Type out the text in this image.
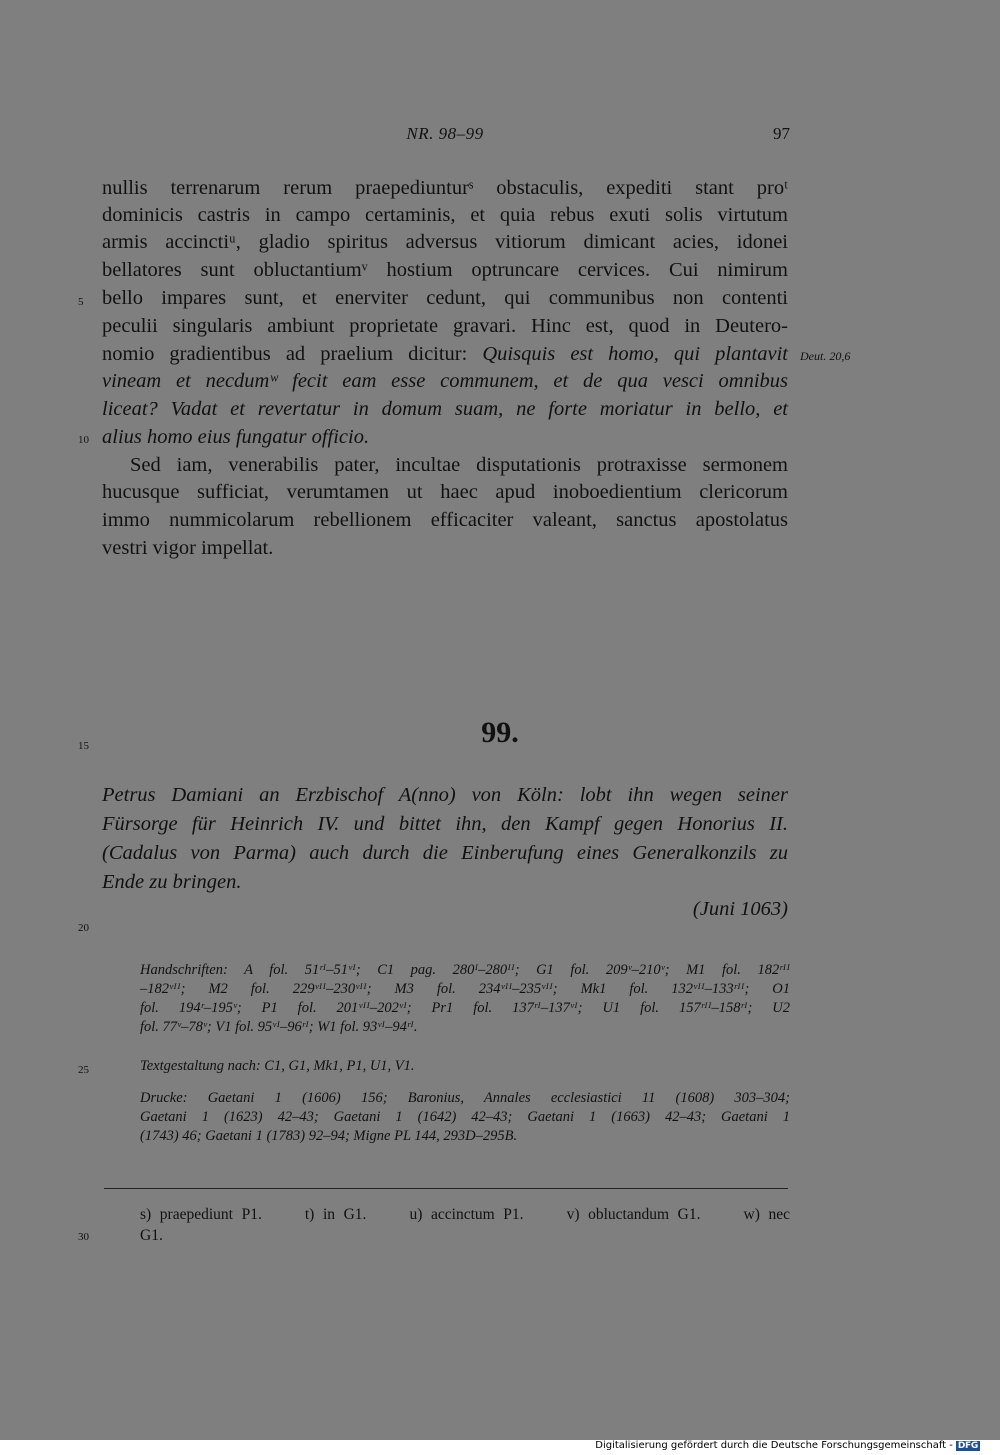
NR. 98–99	97
nullis terrenarum rerum praepediunturˢ obstaculis, expediti stant proᵗ
dominicis castris in campo certaminis, et quia rebus exuti solis virtutum
armis accinctiᵘ, gladio spiritus adversus vitiorum dimicant acies, idonei
bellatores sunt obluctantiumᵛ hostium optruncare cervices. Cui nimirum
bello impares sunt, et enerviter cedunt, qui communibus non contenti
peculii singularis ambiunt proprietate gravari. Hinc est, quod in Deutero-
nomio gradientibus ad praelium dicitur: Quisquis est homo, qui plantavit
vineam et necdumʷ fecit eam esse communem, et de qua vesci omnibus
liceat? Vadat et revertatur in domum suam, ne forte moriatur in bello, et
alius homo eius fungatur officio.
Sed iam, venerabilis pater, incultae disputationis protraxisse sermonem
hucusque sufficiat, verumtamen ut haec apud inoboedientium clericorum
immo nummicolarum rebellionem efficaciter valeant, sanctus apostolatus
vestri vigor impellat.
Deut. 20,6
5
10
15
20
25
30
99.
Petrus Damiani an Erzbischof A(nno) von Köln: lobt ihn wegen seiner
Fürsorge für Heinrich IV. und bittet ihn, den Kampf gegen Honorius II.
(Cadalus von Parma) auch durch die Einberufung eines Generalkonzils zu
Ende zu bringen.
(Juni 1063)
Handschriften: A fol. 51ʳᴵ–51ᵛᴵ; C1 pag. 280ᴵ–280ᴵᴵ; G1 fol. 209ᵛ–210ᵛ; M1 fol. 182ʳᴵᴵ
–182ᵛᴵᴵ; M2 fol. 229ᵛᴵᴵ–230ᵛᴵᴵ; M3 fol. 234ᵛᴵᴵ–235ᵛᴵᴵ; Mk1 fol. 132ᵛᴵᴵ–133ʳᴵᴵ; O1
fol. 194ʳ–195ᵛ; P1 fol. 201ᵛᴵᴵ–202ᵛᴵ; Pr1 fol. 137ʳᴵ–137ᵛᴵ; U1 fol. 157ʳᴵᴵ–158ʳᴵ; U2
fol. 77ᵛ–78ᵛ; V1 fol. 95ᵛᴵ–96ʳᴵ; W1 fol. 93ᵛᴵ–94ʳᴵ.
Textgestaltung nach: C1, G1, Mk1, P1, U1, V1.
Drucke: Gaetani 1 (1606) 156; Baronius, Annales ecclesiastici 11 (1608) 303–304;
Gaetani 1 (1623) 42–43; Gaetani 1 (1642) 42–43; Gaetani 1 (1663) 42–43; Gaetani 1
(1743) 46; Gaetani 1 (1783) 92–94; Migne PL 144, 293D–295B.
s) praepediunt P1.     t) in G1.     u) accinctum P1.     v) obluctandum G1.     w) nec
G1.
Digitalisierung gefördert durch die Deutsche Forschungsgemeinschaft - DFG
